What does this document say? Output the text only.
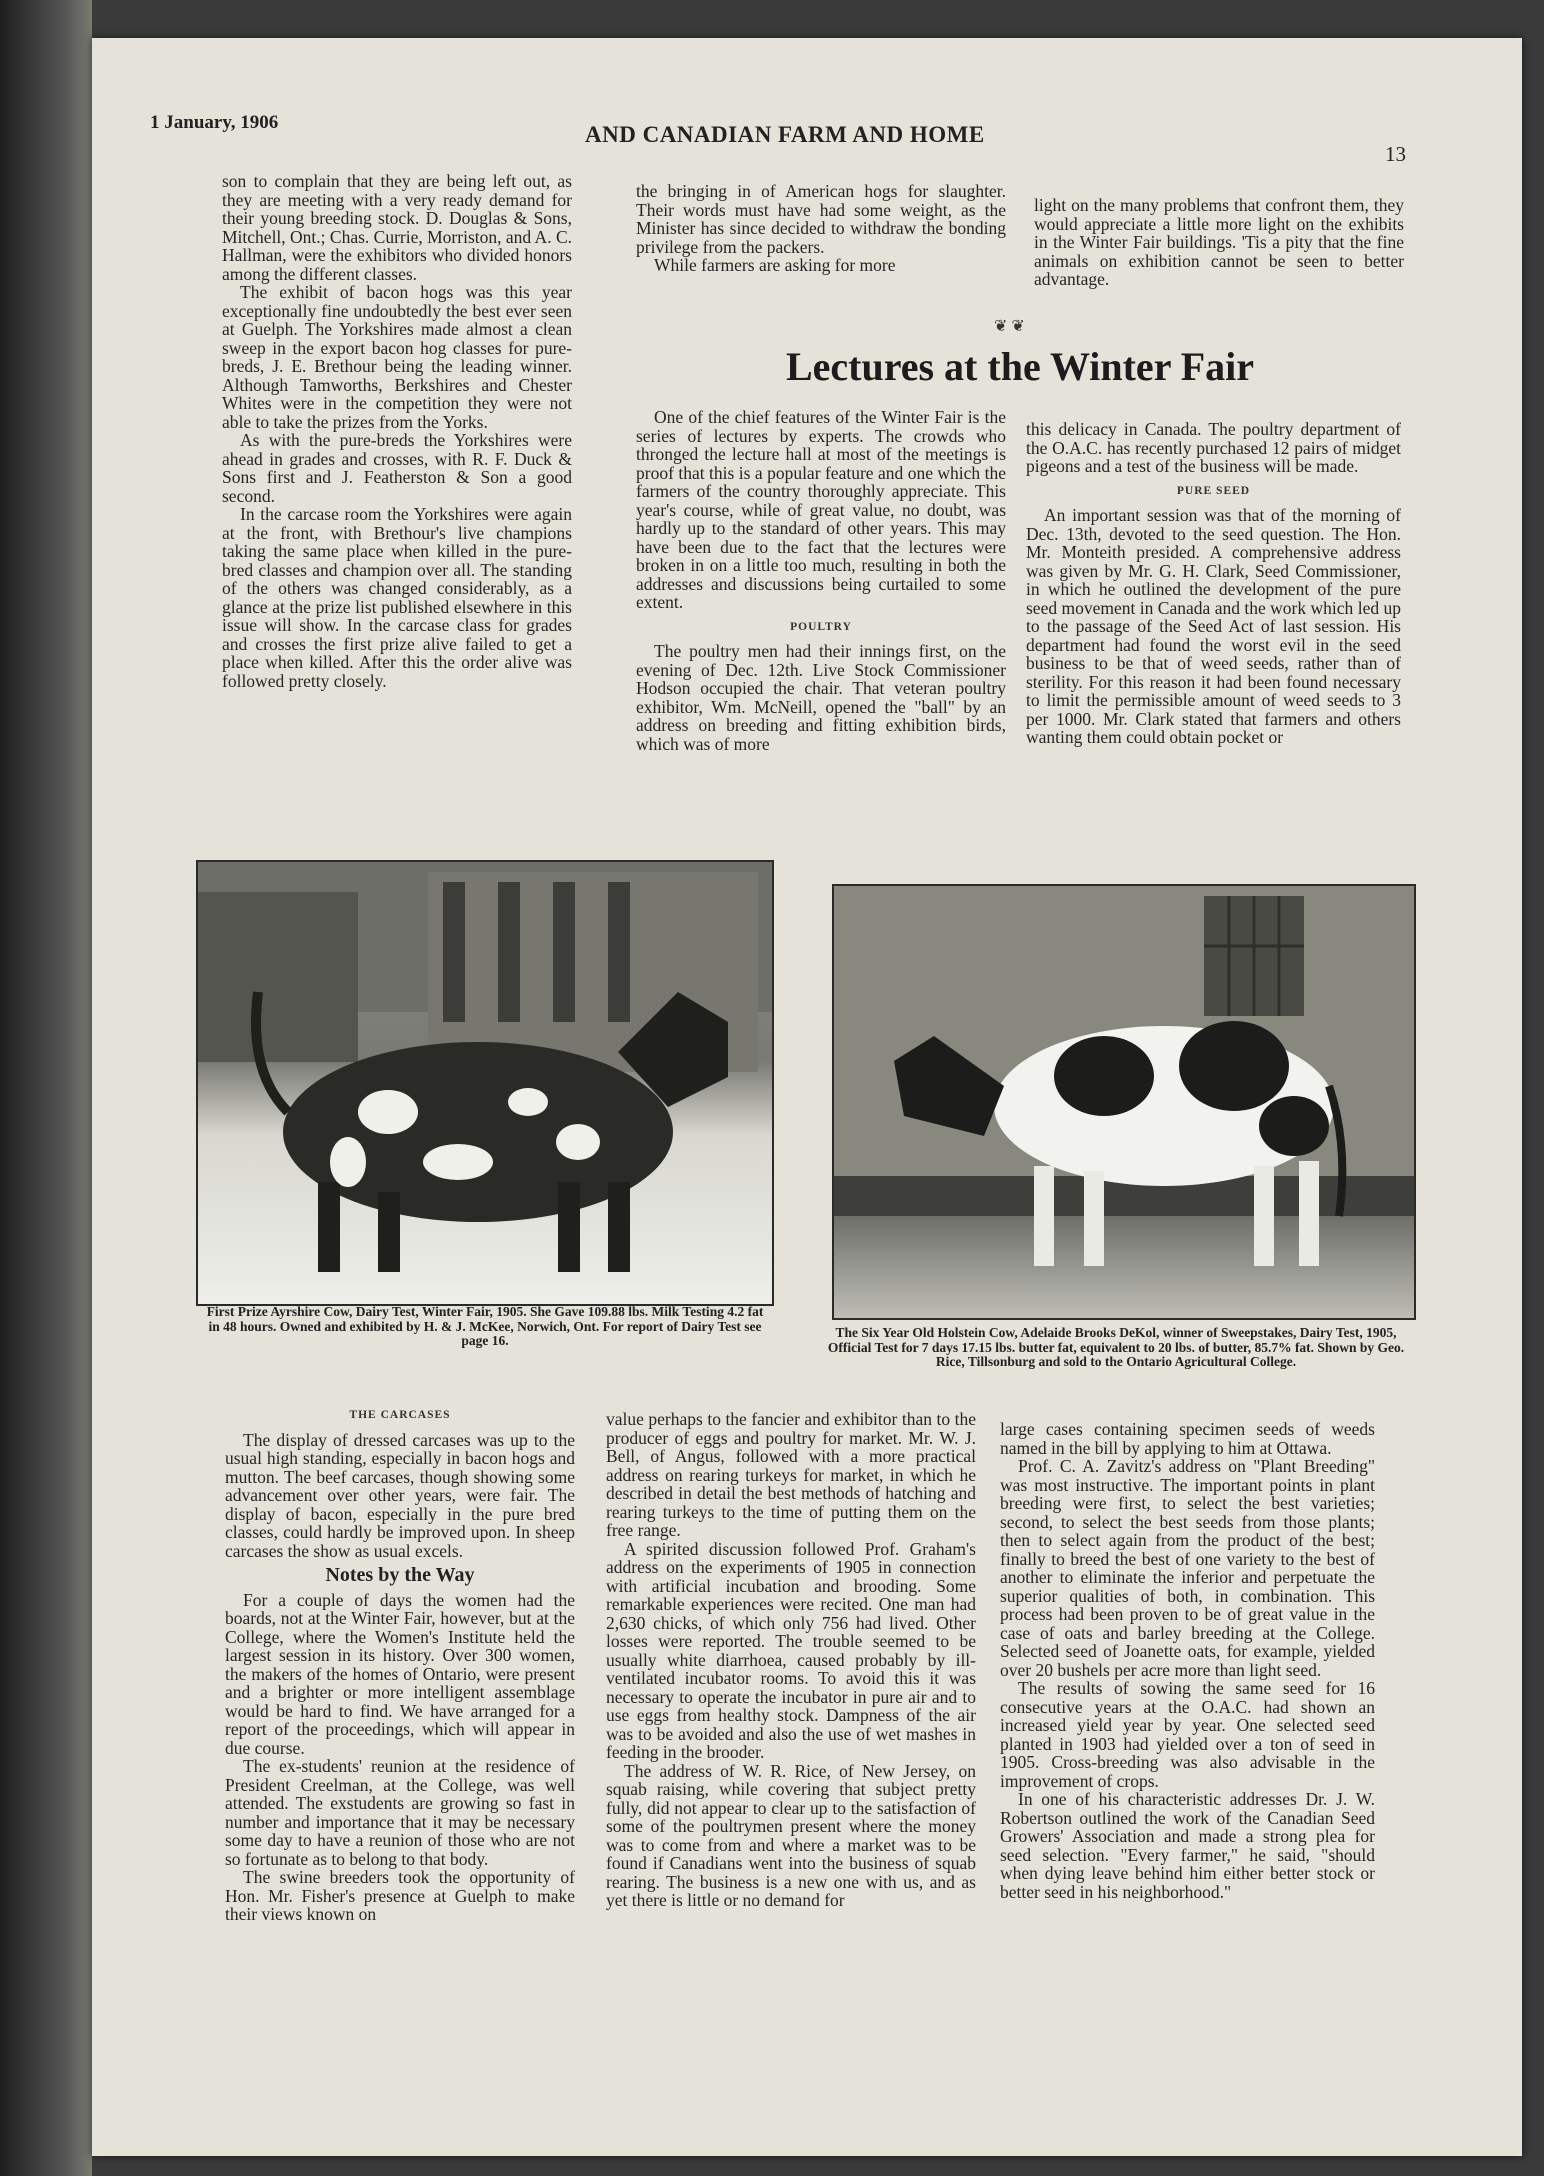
1 January, 1906	AND CANADIAN FARM AND HOME
13

son to complain that they are being left out, as they are meeting with a very ready demand for their young breeding stock. D. Douglas & Sons, Mitchell, Ont.; Chas. Currie, Morriston, and A. C. Hallman, were the exhibitors who divided honors among the different classes.

The exhibit of bacon hogs was this year exceptionally fine undoubtedly the best ever seen at Guelph. The Yorkshires made almost a clean sweep in the export bacon hog classes for pure-breds, J. E. Brethour being the leading winner. Although Tamworths, Berkshires and Chester Whites were in the competition they were not able to take the prizes from the Yorks.

As with the pure-breds the Yorkshires were ahead in grades and crosses, with R. F. Duck & Sons first and J. Featherston & Son a good second.

In the carcase room the Yorkshires were again at the front, with Brethour's live champions taking the same place when killed in the pure-bred classes and champion over all. The standing of the others was changed considerably, as a glance at the prize list published elsewhere in this issue will show. In the carcase class for grades and crosses the first prize alive failed to get a place when killed. After this the order alive was followed pretty closely.

the bringing in of American hogs for slaughter. Their words must have had some weight, as the Minister has since decided to withdraw the bonding privilege from the packers.

While farmers are asking for more

light on the many problems that confront them, they would appreciate a little more light on the exhibits in the Winter Fair buildings. 'Tis a pity that the fine animals on exhibition cannot be seen to better advantage.

❦ ❦
Lectures at the Winter Fair

One of the chief features of the Winter Fair is the series of lectures by experts. The crowds who thronged the lecture hall at most of the meetings is proof that this is a popular feature and one which the farmers of the country thoroughly appreciate. This year's course, while of great value, no doubt, was hardly up to the standard of other years. This may have been due to the fact that the lectures were broken in on a little too much, resulting in both the addresses and discussions being curtailed to some extent.

POULTRY

The poultry men had their innings first, on the evening of Dec. 12th. Live Stock Commissioner Hodson occupied the chair. That veteran poultry exhibitor, Wm. McNeill, opened the "ball" by an address on breeding and fitting exhibition birds, which was of more

this delicacy in Canada. The poultry department of the O.A.C. has recently purchased 12 pairs of midget pigeons and a test of the business will be made.

PURE SEED

An important session was that of the morning of Dec. 13th, devoted to the seed question. The Hon. Mr. Monteith presided. A comprehensive address was given by Mr. G. H. Clark, Seed Commissioner, in which he outlined the development of the pure seed movement in Canada and the work which led up to the passage of the Seed Act of last session. His department had found the worst evil in the seed business to be that of weed seeds, rather than of sterility. For this reason it had been found necessary to limit the permissible amount of weed seeds to 3 per 1000. Mr. Clark stated that farmers and others wanting them could obtain pocket or

First Prize Ayrshire Cow, Dairy Test, Winter Fair, 1905. She Gave 109.88 lbs. Milk Testing 4.2 fat in 48 hours. Owned and exhibited by H. & J. McKee, Norwich, Ont. For report of Dairy Test see page 16.
The Six Year Old Holstein Cow, Adelaide Brooks DeKol, winner of Sweepstakes, Dairy Test, 1905, Official Test for 7 days 17.15 lbs. butter fat, equivalent to 20 lbs. of butter, 85.7% fat. Shown by Geo. Rice, Tillsonburg and sold to the Ontario Agricultural College.
THE CARCASES

The display of dressed carcases was up to the usual high standing, especially in bacon hogs and mutton. The beef carcases, though showing some advancement over other years, were fair. The display of bacon, especially in the pure bred classes, could hardly be improved upon. In sheep carcases the show as usual excels.

Notes by the Way

For a couple of days the women had the boards, not at the Winter Fair, however, but at the College, where the Women's Institute held the largest session in its history. Over 300 women, the makers of the homes of Ontario, were present and a brighter or more intelligent assemblage would be hard to find. We have arranged for a report of the proceedings, which will appear in due course.

The ex-students' reunion at the residence of President Creelman, at the College, was well attended. The exstudents are growing so fast in number and importance that it may be necessary some day to have a reunion of those who are not so fortunate as to belong to that body.

The swine breeders took the opportunity of Hon. Mr. Fisher's presence at Guelph to make their views known on

value perhaps to the fancier and exhibitor than to the producer of eggs and poultry for market. Mr. W. J. Bell, of Angus, followed with a more practical address on rearing turkeys for market, in which he described in detail the best methods of hatching and rearing turkeys to the time of putting them on the free range.

A spirited discussion followed Prof. Graham's address on the experiments of 1905 in connection with artificial incubation and brooding. Some remarkable experiences were recited. One man had 2,630 chicks, of which only 756 had lived. Other losses were reported. The trouble seemed to be usually white diarrhoea, caused probably by ill-ventilated incubator rooms. To avoid this it was necessary to operate the incubator in pure air and to use eggs from healthy stock. Dampness of the air was to be avoided and also the use of wet mashes in feeding in the brooder.

The address of W. R. Rice, of New Jersey, on squab raising, while covering that subject pretty fully, did not appear to clear up to the satisfaction of some of the poultrymen present where the money was to come from and where a market was to be found if Canadians went into the business of squab rearing. The business is a new one with us, and as yet there is little or no demand for

large cases containing specimen seeds of weeds named in the bill by applying to him at Ottawa.

Prof. C. A. Zavitz's address on "Plant Breeding" was most instructive. The important points in plant breeding were first, to select the best varieties; second, to select the best seeds from those plants; then to select again from the product of the best; finally to breed the best of one variety to the best of another to eliminate the inferior and perpetuate the superior qualities of both, in combination. This process had been proven to be of great value in the case of oats and barley breeding at the College. Selected seed of Joanette oats, for example, yielded over 20 bushels per acre more than light seed.

The results of sowing the same seed for 16 consecutive years at the O.A.C. had shown an increased yield year by year. One selected seed planted in 1903 had yielded over a ton of seed in 1905. Cross-breeding was also advisable in the improvement of crops.

In one of his characteristic addresses Dr. J. W. Robertson outlined the work of the Canadian Seed Growers' Association and made a strong plea for seed selection. "Every farmer," he said, "should when dying leave behind him either better stock or better seed in his neighborhood."
